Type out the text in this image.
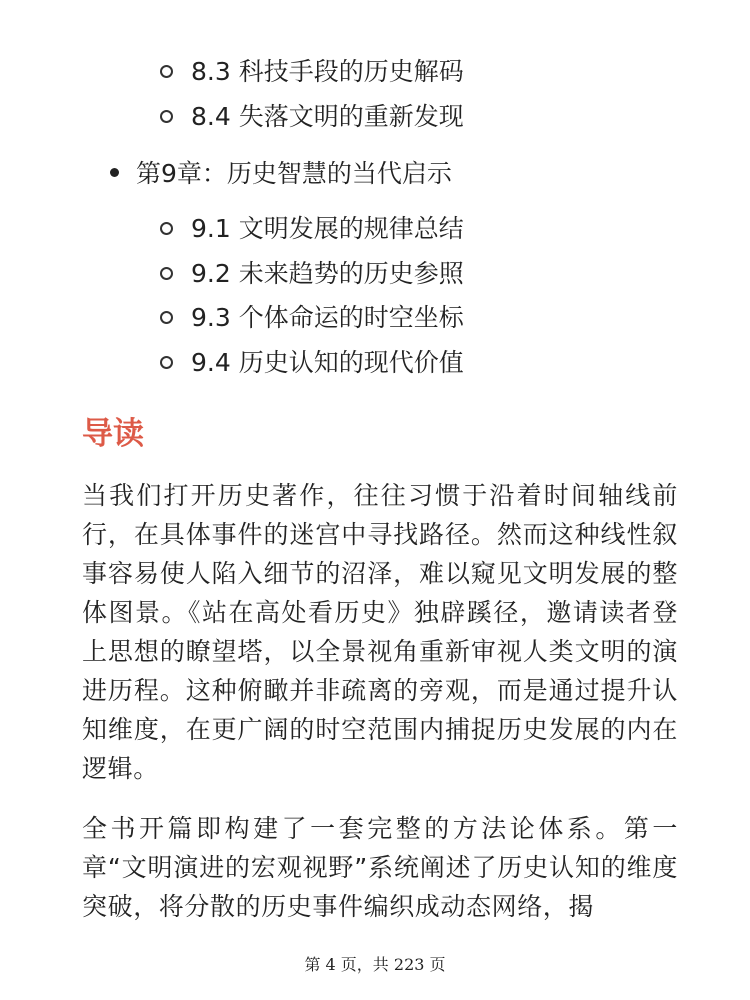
8.3 科技手段的历史解码
8.4 失落文明的重新发现
第9章：历史智慧的当代启示
9.1 文明发展的规律总结
9.2 未来趋势的历史参照
9.3 个体命运的时空坐标
9.4 历史认知的现代价值
导读

当我们打开历史著作，往往习惯于沿着时间轴线前行，在具体事件的迷宫中寻找路径。然而这种线性叙事容易使人陷入细节的沼泽，难以窥见文明发展的整体图景。《站在高处看历史》独辟蹊径，邀请读者登上思想的瞭望塔，以全景视角重新审视人类文明的演进历程。这种俯瞰并非疏离的旁观，而是通过提升认知维度，在更广阔的时空范围内捕捉历史发展的内在逻辑。

全书开篇即构建了一套完整的方法论体系。第一章“文明演进的宏观视野”系统阐述了历史认知的维度突破，将分散的历史事件编织成动态网络，揭

第 4 页，共 223 页
